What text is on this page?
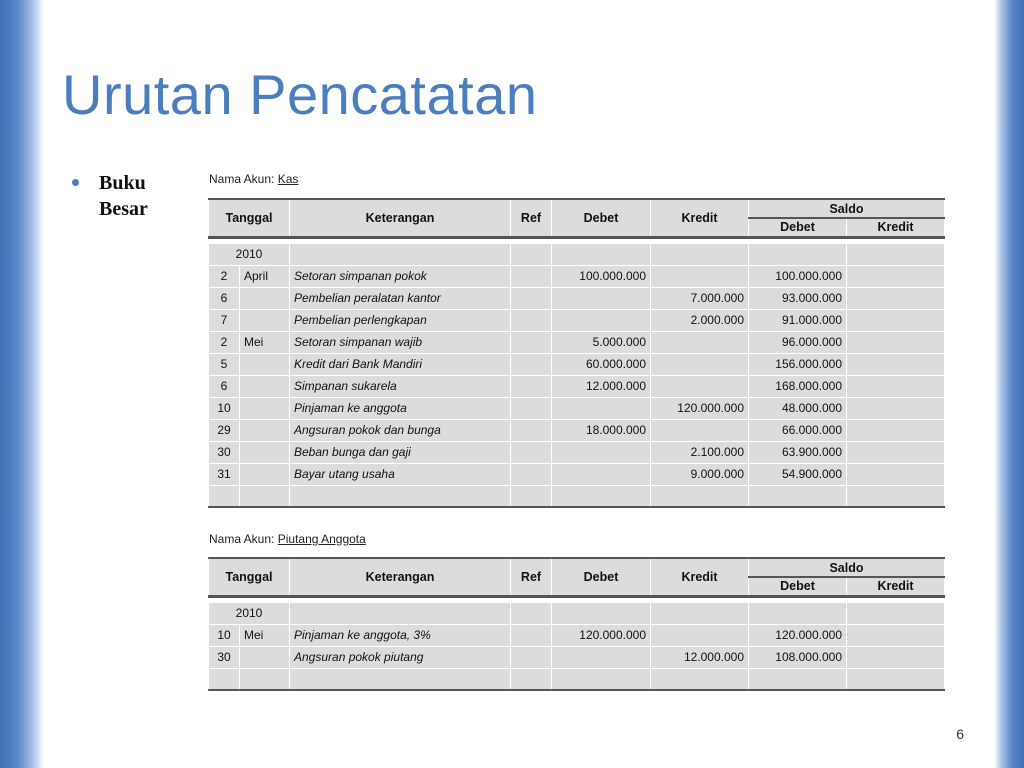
Urutan Pencatatan
Buku Besar
Nama Akun: Kas
Tanggal		Keterangan	Ref	Debet	Kredit	Saldo	
						Debet	Kredit

2010							
2	April	Setoran simpanan pokok		100.000.000		100.000.000	
6		Pembelian peralatan kantor			7.000.000	93.000.000	
7		Pembelian perlengkapan			2.000.000	91.000.000	
2	Mei	Setoran simpanan wajib		5.000.000		96.000.000	
5		Kredit dari Bank Mandiri		60.000.000		156.000.000	
6		Simpanan sukarela		12.000.000		168.000.000	
10		Pinjaman ke anggota			120.000.000	48.000.000	
29		Angsuran pokok dan bunga		18.000.000		66.000.000	
30		Beban bunga dan gaji			2.100.000	63.900.000	
31		Bayar utang usaha			9.000.000	54.900.000	

Nama Akun: Piutang Anggota
Tanggal		Keterangan	Ref	Debet	Kredit	Saldo	
						Debet	Kredit

2010							
10	Mei	Pinjaman ke anggota, 3%		120.000.000		120.000.000	
30		Angsuran pokok piutang			12.000.000	108.000.000	

6
